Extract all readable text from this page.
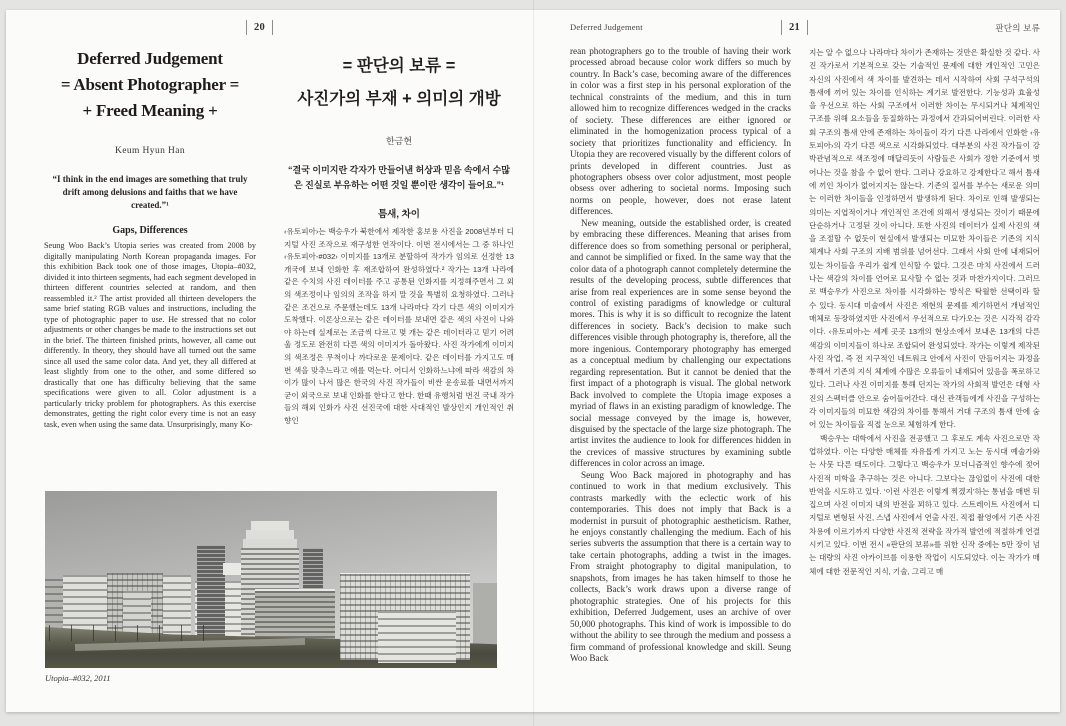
20
Deferred Judgement
= Absent Photographer =
+ Freed Meaning +
Keum Hyun Han
“I think in the end images are something that truly drift among delusions and faiths that we have created.”¹
Gaps, Differences
Seung Woo Back’s Utopia series was created from 2008 by digitally manipulating North Korean propaganda images. For this exhibition Back took one of those images, Utopia–#032, divided it into thirteen segments, had each segment developed in thirteen different countries selected at random, and then reassembled it.² The artist provided all thirteen developers the same brief stating RGB values and instructions, including the type of photographic paper to use. He stressed that no color adjustments or other changes be made to the instructions set out in the brief. The thirteen finished prints, however, all came out differently. In theory, they should have all turned out the same since all used the same color data. And yet, they all differed at least slightly from one to the other, and some differed so drastically that one has difficulty believing that the same specifications were given to all. Color adjustment is a particularly tricky problem for photographers. As this exercise demonstrates, getting the right color every time is not an easy task, even when using the same data. Unsurprisingly, many Ko-
= 판단의 보류 =
사진가의 부재 + 의미의 개방
한금현
“결국 이미지란 각자가 만들어낸 허상과 믿음 속에서 수많은 진실로 부유하는 어떤 것일 뿐이란 생각이 들어요.”¹
틈새, 차이
‹유토피아›는 백승우가 북한에서 제작한 홍보용 사진을 2008년부터 디지털 사진 조작으로 재구성한 연작이다. 이번 전시에서는 그 중 하나인 ‹유토피아-#032› 이미지를 13개로 분할하여 작가가 임의로 선정한 13개국에 보내 인화한 후 재조합하여 완성하였다.² 작가는 13개 나라에 같은 수치의 사진 데이터를 주고 공통된 인화지를 지정해주면서 그 외의 색조정이나 임의의 조작을 하지 말 것을 특별히 요청하였다. 그러나 같은 조건으로 주문했는데도 13개 나라마다 각기 다른 색의 이미지가 도착했다. 이론상으로는 같은 데이터를 보내면 같은 색의 사진이 나와야 하는데 실제로는 조금씩 다르고 몇 개는 같은 데이터라고 믿기 어려울 정도로 완전히 다른 색의 이미지가 돌아왔다. 사진 작가에게 이미지의 색조정은 무척이나 까다로운 문제이다. 같은 데이터를 가지고도 매번 색을 맞추느라고 애를 먹는다. 어디서 인화하느냐에 따라 색감의 차이가 많이 나서 많은 한국의 사진 작가들이 비싼 운송료를 내면서까지 굳이 외국으로 보내 인화를 한다고 한다. 한때 유행처럼 번진 국내 작가들의 해외 인화가 사진 선진국에 대한 사대적인 발상인지 개인적인 취향인
Utopia–#032, 2011
Deferred Judgement	21	판단의 보류

rean photographers go to the trouble of having their work processed abroad because color work differs so much by country. In Back’s case, becoming aware of the differences in color was a first step in his personal exploration of the technical constraints of the medium, and this in turn allowed him to recognize differences wedged in the cracks of society. These differences are either ignored or eliminated in the homogenization process typical of a society that prioritizes functionality and efficiency. In Utopia they are recovered visually by the different colors of prints developed in different countries. Just as photographers obsess over color adjustment, most people obsess over adhering to societal norms. Imposing such norms on people, however, does not erase latent differences.

New meaning, outside the established order, is created by embracing these differences. Meaning that arises from difference does so from something personal or peripheral, and cannot be simplified or fixed. In the same way that the color data of a photograph cannot completely determine the results of the developing process, subtle differences that arise from real experiences are in some sense beyond the control of existing paradigms of knowledge or cultural mores. This is why it is so difficult to recognize the latent differences in society. Back’s decision to make such differences visible through photography is, therefore, all the more ingenious. Contemporary photography has emerged as a conceptual medium by challenging our expectations regarding representation. But it cannot be denied that the first impact of a photograph is visual. The global network Back involved to complete the Utopia image exposes a myriad of flaws in an existing paradigm of knowledge. The social message conveyed by the image is, however, disguised by the spectacle of the large size photograph. The artist invites the audience to look for differences hidden in the crevices of massive structures by examining subtle differences in color across an image.

Seung Woo Back majored in photography and has continued to work in that medium exclusively. This contrasts markedly with the eclectic work of his contemporaries. This does not imply that Back is a modernist in pursuit of photographic aestheticism. Rather, he enjoys constantly challenging the medium. Each of his series subverts the assumption that there is a certain way to take certain photographs, adding a twist in the images. From straight photography to digital manipulation, to snapshots, from images he has taken himself to those he collects, Back’s work draws upon a diverse range of photographic strategies. One of his projects for this exhibition, Deferred Judgement, uses an archive of over 50,000 photographs. This kind of work is impossible to do without the ability to see through the medium and possess a firm command of professional knowledge and skill. Seung Woo Back

지는 알 수 없으나 나라마다 차이가 존재하는 것만은 확실한 것 같다. 사진 작가로서 기본적으로 갖는 기술적인 문제에 대한 개인적인 고민은 자신의 사진에서 색 차이를 발견하는 데서 시작하여 사회 구석구석의 틈새에 끼어 있는 차이를 인식하는 계기로 발전한다. 기능성과 효율성을 우선으로 하는 사회 구조에서 이러한 차이는 무시되거나 체계적인 구조를 위해 요소들을 동질화하는 과정에서 간과되어버린다. 이러한 사회 구조의 틈새 안에 존재하는 차이들이 각기 다른 나라에서 인화한 ‹유토피아›의 각기 다른 색으로 시각화되었다. 대부분의 사진 작가들이 강박관념적으로 색조정에 매달리듯이 사람들은 사회가 정한 기준에서 벗어나는 것을 참을 수 없어 한다. 그러나 강요하고 강제한다고 해서 틈새에 끼인 차이가 없어지지는 않는다. 기존의 질서를 부수는 새로운 의미는 이러한 차이들을 인정하면서 발생하게 된다. 차이로 인해 발생되는 의미는 지엽적이거나 개인적인 조건에 의해서 생성되는 것이기 때문에 단순하거나 고정된 것이 아니다. 또한 사진의 데이터가 실제 사진의 색을 조절할 수 없듯이 현실에서 발생되는 미묘한 차이들은 기존의 지식 체계나 사회 구조의 지배 범위를 넘어선다. 그래서 사회 안에 내재되어 있는 차이들을 우리가 쉽게 인식할 수 없다. 그것은 마치 사진에서 드러나는 색감의 차이를 언어로 묘사할 수 없는 것과 마찬가지이다. 그러므로 백승우가 사진으로 차이를 시각화하는 방식은 탁월한 선택이라 할 수 있다. 동시대 미술에서 사진은 재현의 문제를 제기하면서 개념적인 매체로 등장하였지만 사진에서 우선적으로 다가오는 것은 시각적 감각이다. ‹유토피아›는 세계 곳곳 13개의 현상소에서 보내온 13개의 다른 색감의 이미지들이 하나로 조합되어 완성되었다. 작가는 이렇게 제작된 사진 작업, 즉 전 지구적인 네트워크 안에서 사진이 만들어지는 과정을 통해서 기존의 지식 체계에 수많은 오류들이 내재되어 있음을 폭로하고 있다. 그러나 사진 이미지를 통해 던지는 작가의 사회적 발언은 대형 사진의 스펙터클 안으로 숨어들어간다. 대신 관객들에게 사진을 구성하는 각 이미지들의 미묘한 색감의 차이를 통해서 거대 구조의 틈새 안에 숨어 있는 차이들을 직접 눈으로 체험하게 한다.

백승우는 대학에서 사진을 전공했고 그 후로도 계속 사진으로만 작업하였다. 이는 다양한 매체를 자유롭게 가지고 노는 동시대 예술가와는 사뭇 다른 태도이다. 그렇다고 백승우가 모더니즘적인 향수에 젖어 사진적 미학을 추구하는 것은 아니다. 그보다는 끊임없이 사진에 대한 반역을 시도하고 있다. ‘이런 사진은 이렇게 찍겠지’하는 통념을 매번 뒤집으며 사진 이미지 내의 반전을 꾀하고 있다. 스트레이트 사진에서 디지털로 변형된 사진, 스냅 사진에서 연출 사진, 직접 촬영에서 기존 사진 차용에 이르기까지 다양한 사진적 전략을 작가적 발언에 적절하게 연결시키고 있다. 이번 전시 «판단의 보류»를 위한 신작 중에는 5만 장이 넘는 대량의 사진 아카이브를 이용한 작업이 시도되었다. 이는 작가가 매체에 대한 전문적인 지식, 기술, 그리고 매
